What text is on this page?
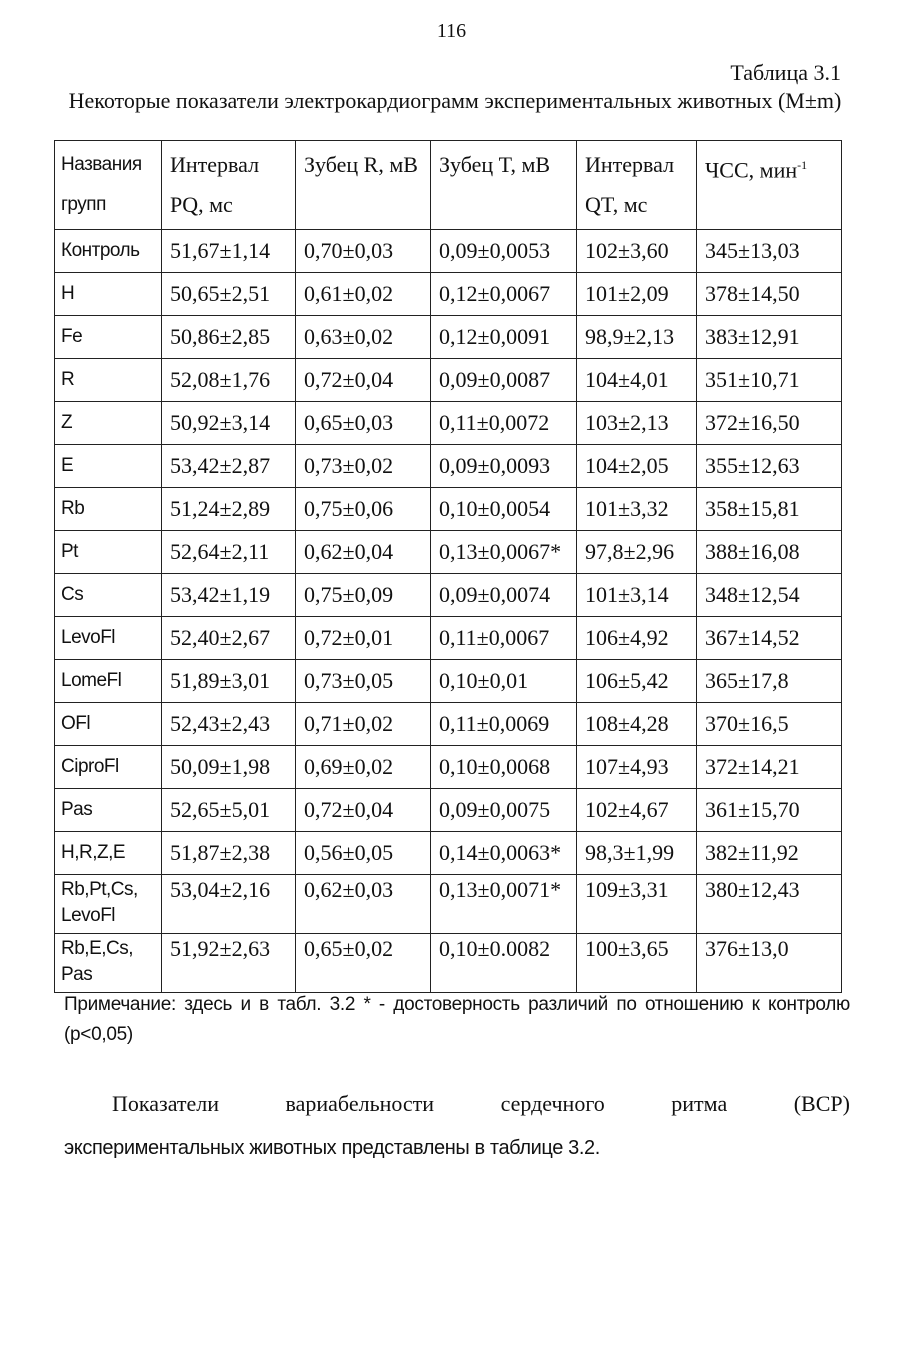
116
Таблица 3.1
Некоторые показатели электрокардиограмм экспериментальных животных (M±m)
Названия групп	Интервал PQ, мс	Зубец R, мВ	Зубец T, мВ	Интервал QT, мс	ЧСС, мин$^{-1}$
Контроль	51,67±1,14	0,70±0,03	0,09±0,0053	102±3,60	345±13,03
H	50,65±2,51	0,61±0,02	0,12±0,0067	101±2,09	378±14,50
Fe	50,86±2,85	0,63±0,02	0,12±0,0091	98,9±2,13	383±12,91
R	52,08±1,76	0,72±0,04	0,09±0,0087	104±4,01	351±10,71
Z	50,92±3,14	0,65±0,03	0,11±0,0072	103±2,13	372±16,50
E	53,42±2,87	0,73±0,02	0,09±0,0093	104±2,05	355±12,63
Rb	51,24±2,89	0,75±0,06	0,10±0,0054	101±3,32	358±15,81
Pt	52,64±2,11	0,62±0,04	0,13±0,0067*	97,8±2,96	388±16,08
Cs	53,42±1,19	0,75±0,09	0,09±0,0074	101±3,14	348±12,54
LevoFl	52,40±2,67	0,72±0,01	0,11±0,0067	106±4,92	367±14,52
LomeFl	51,89±3,01	0,73±0,05	0,10±0,01	106±5,42	365±17,8
OFl	52,43±2,43	0,71±0,02	0,11±0,0069	108±4,28	370±16,5
CiproFl	50,09±1,98	0,69±0,02	0,10±0,0068	107±4,93	372±14,21
Pas	52,65±5,01	0,72±0,04	0,09±0,0075	102±4,67	361±15,70
H,R,Z,E	51,87±2,38	0,56±0,05	0,14±0,0063*	98,3±1,99	382±11,92
Rb,Pt,Cs, LevoFl	53,04±2,16	0,62±0,03	0,13±0,0071*	109±3,31	380±12,43
Rb,E,Cs, Pas	51,92±2,63	0,65±0,02	0,10±0.0082	100±3,65	376±13,0
Примечание: здесь и в табл. 3.2 * - достоверность различий по отношению к контролю (p<0,05)
Показатели	вариабельности	сердечного	ритма	(ВСР)
экспериментальных животных представлены в таблице 3.2.
